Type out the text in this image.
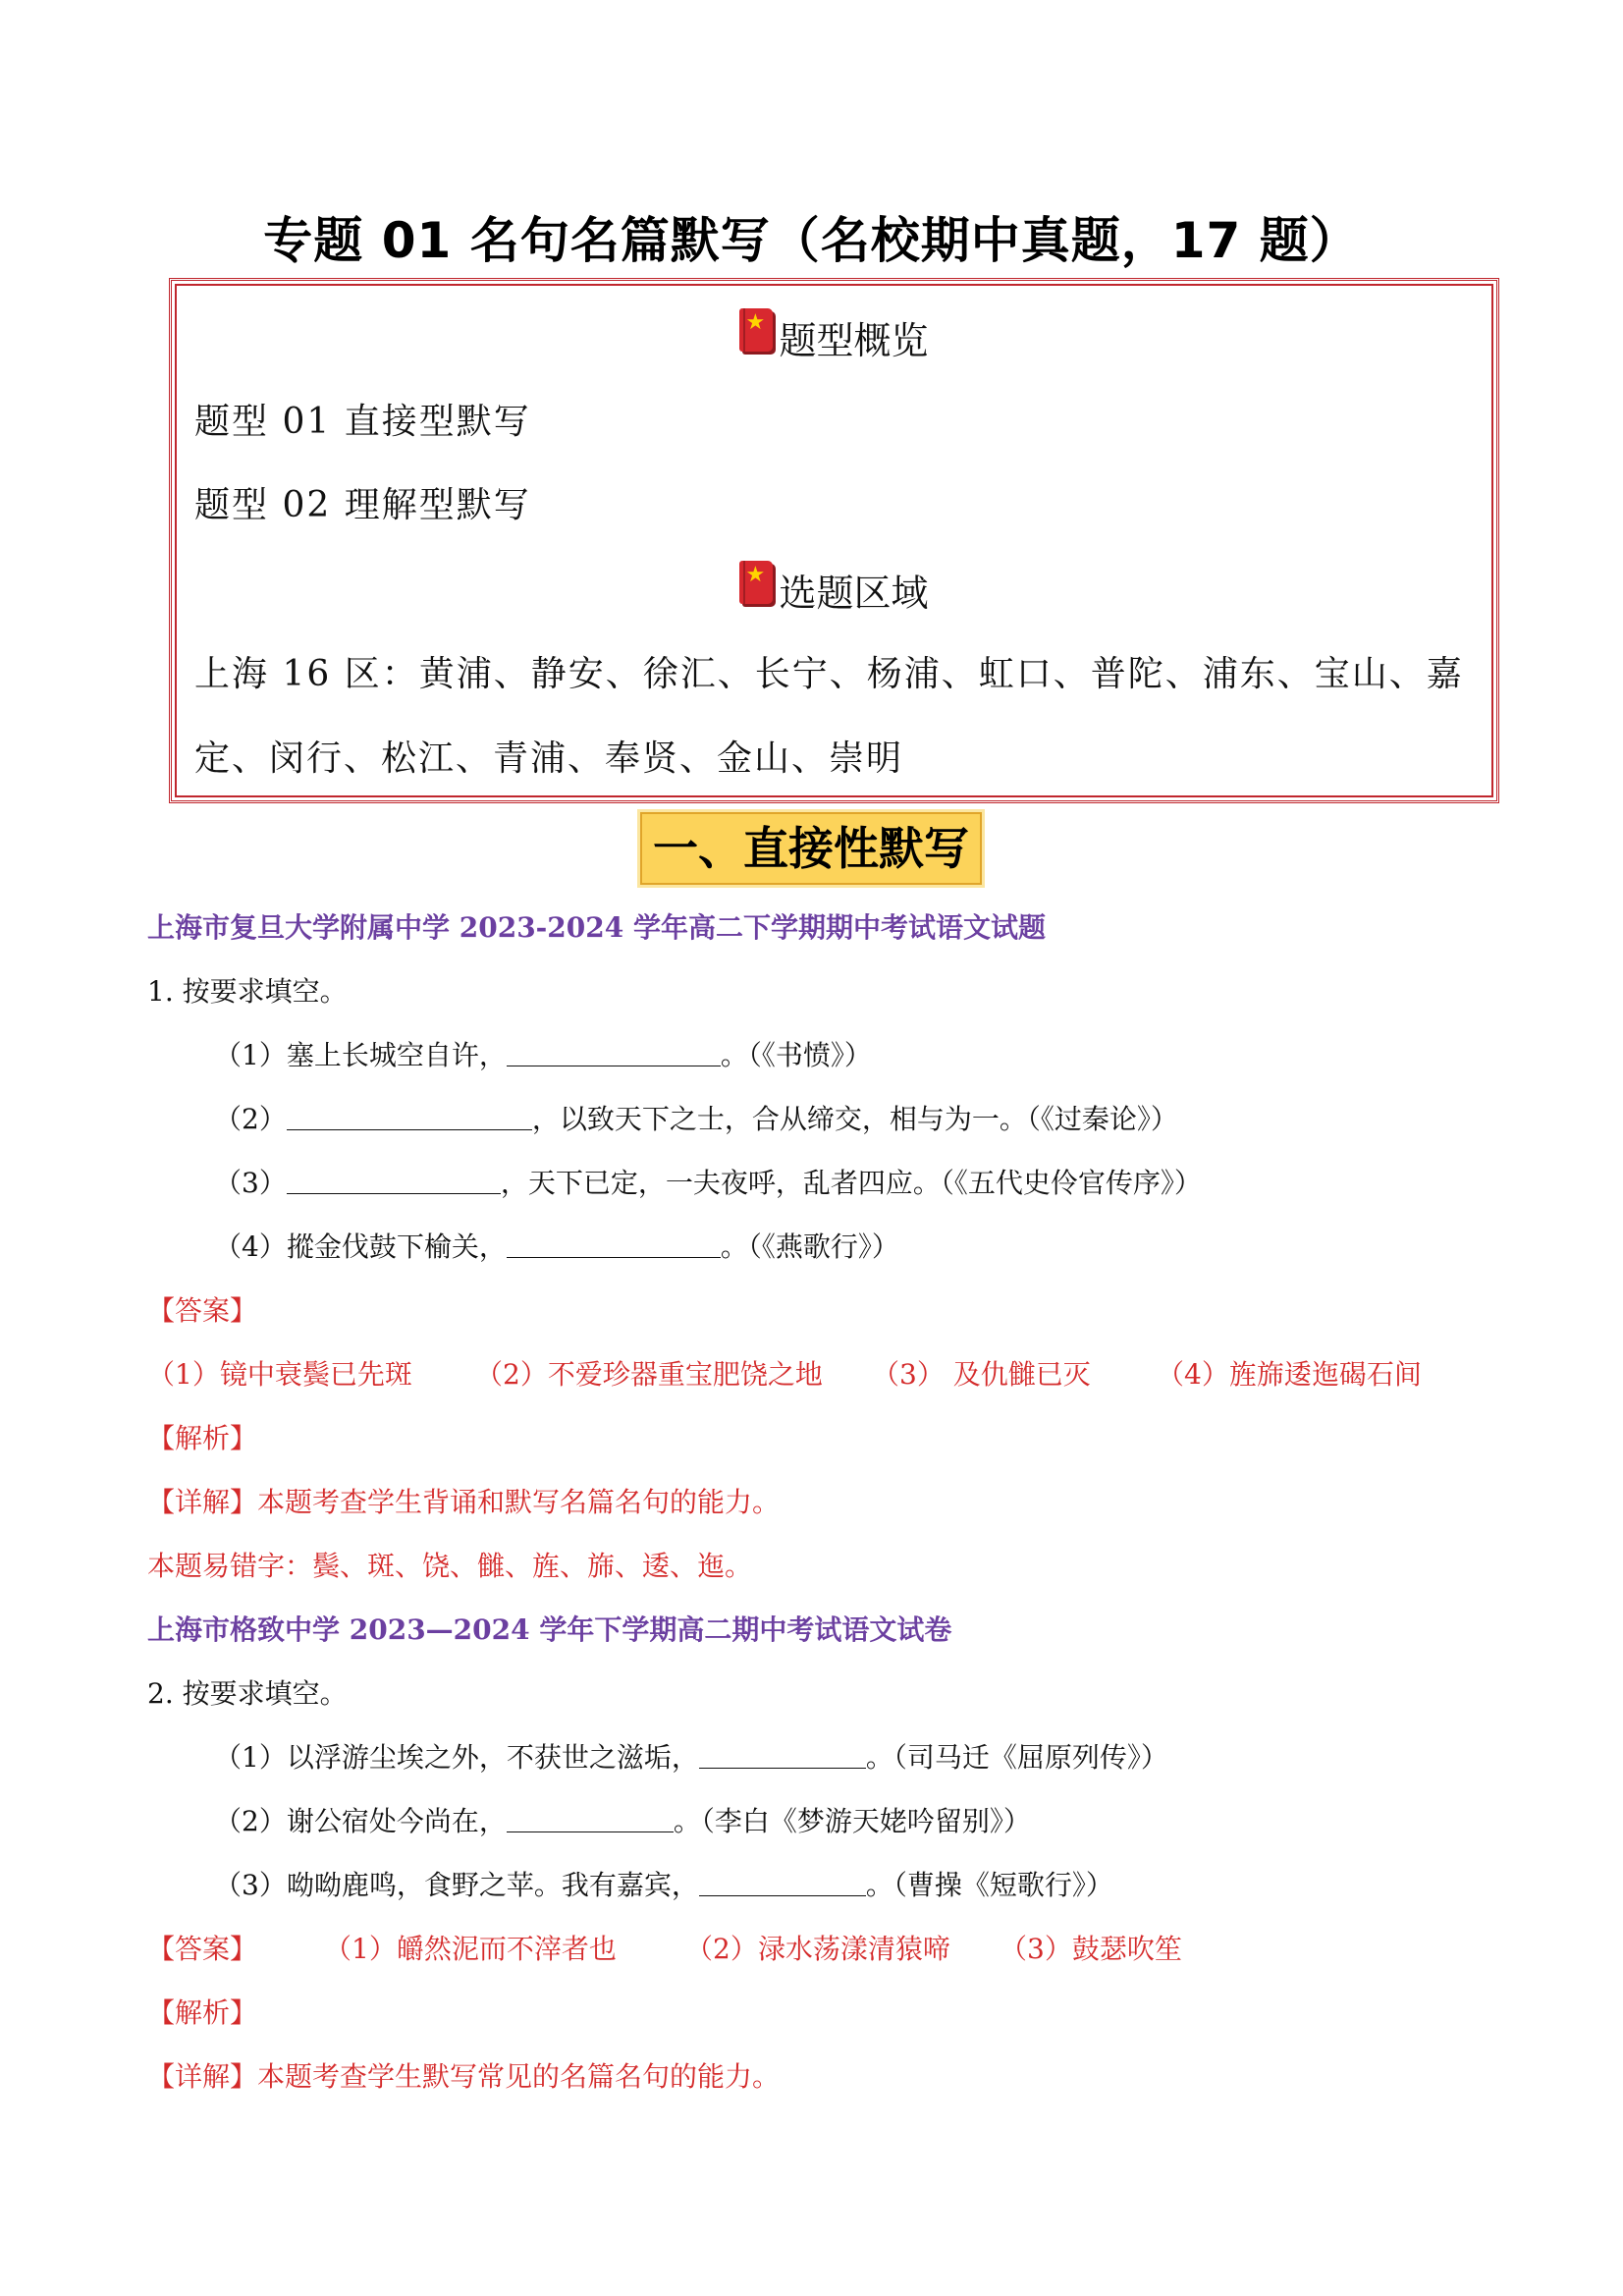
专题 01 名句名篇默写（名校期中真题，17 题）
★ 题型概览
题型 01 直接型默写
题型 02 理解型默写
★ 选题区域
上海 16 区：黄浦、静安、徐汇、长宁、杨浦、虹口、普陀、浦东、宝山、嘉
定、闵行、松江、青浦、奉贤、金山、崇明
一、直接性默写
上海市复旦大学附属中学 2023-2024 学年高二下学期期中考试语文试题
1. 按要求填空。
（1）塞上长城空自许，	。（《书愤》）
（2）	，以致天下之士，合从缔交，相与为一。（《过秦论》）
（3）	，天下已定，一夫夜呼，乱者四应。（《五代史伶官传序》）
（4）摐金伐鼓下榆关，	。（《燕歌行》）
【答案】
（1）镜中衰鬓已先斑 （2）不爱珍器重宝肥饶之地 （3） 及仇雠已灭 （4）旌旆逶迤碣石间
【解析】
【详解】本题考查学生背诵和默写名篇名句的能力。
本题易错字：鬓、斑、饶、雠、旌、旆、逶、迤。
上海市格致中学 2023—2024 学年下学期高二期中考试语文试卷
2. 按要求填空。
（1）以浮游尘埃之外，不获世之滋垢，	。（司马迁《屈原列传》）
（2）谢公宿处今尚在，	。（李白《梦游天姥吟留别》）
（3）呦呦鹿鸣，食野之苹。我有嘉宾，	。（曹操《短歌行》）
【答案】 （1）皭然泥而不滓者也	（2）渌水荡漾清猿啼 （3）鼓瑟吹笙
【解析】
【详解】本题考查学生默写常见的名篇名句的能力。
